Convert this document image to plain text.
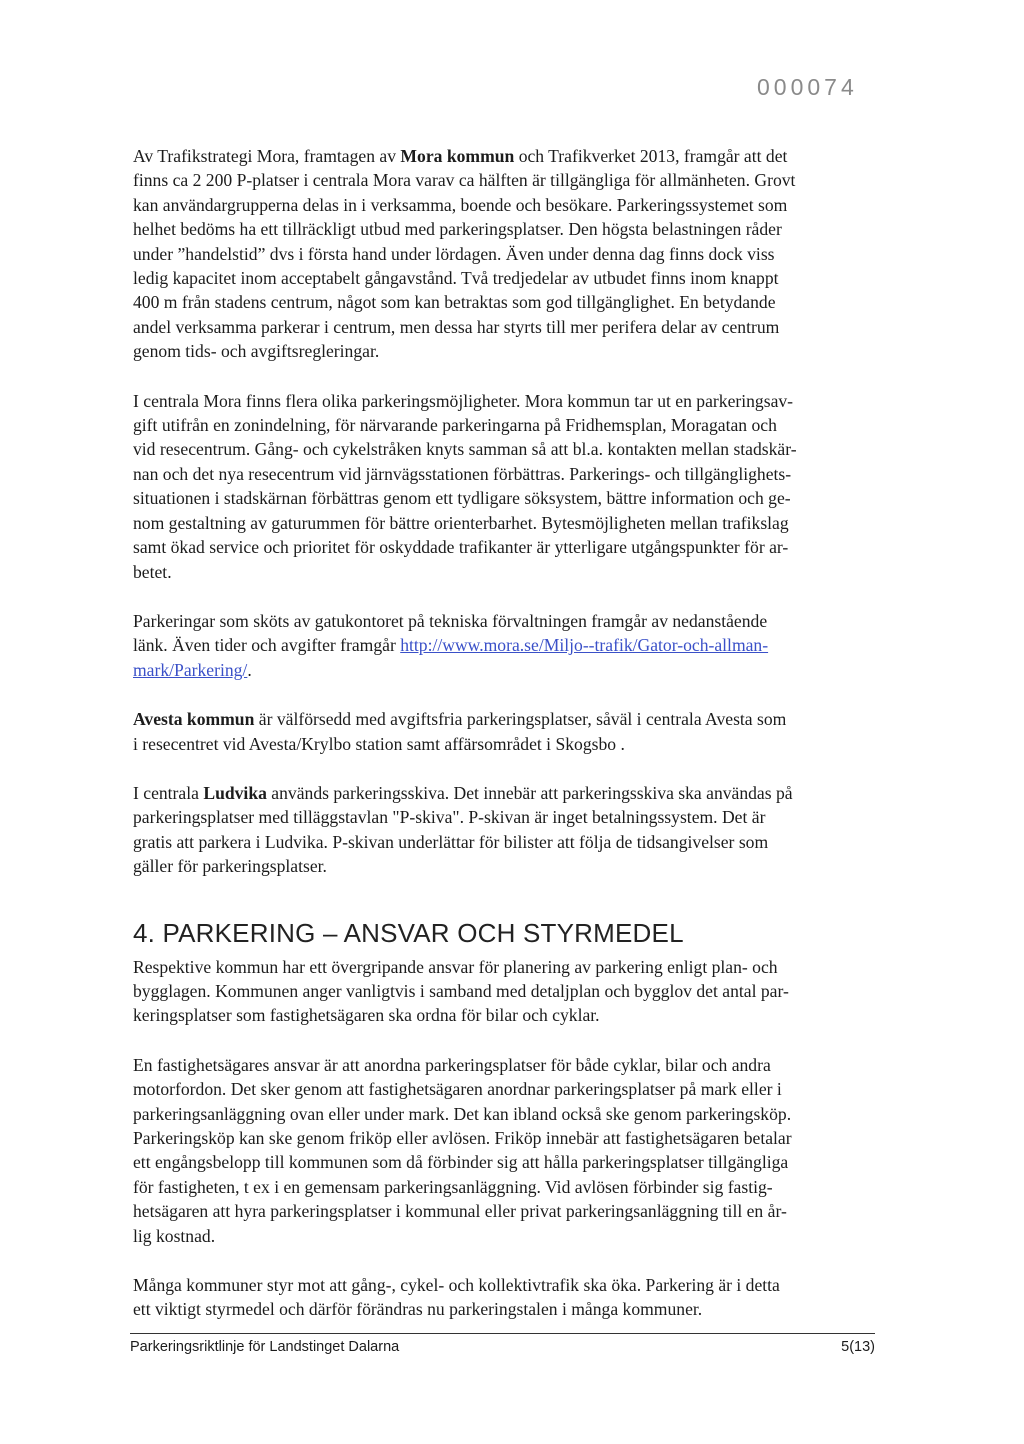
000074

Av Trafikstrategi Mora, framtagen av Mora kommun och Trafikverket 2013, framgår att det
finns ca 2 200 P-platser i centrala Mora varav ca hälften är tillgängliga för allmänheten. Grovt
kan användargrupperna delas in i verksamma, boende och besökare. Parkeringssystemet som
helhet bedöms ha ett tillräckligt utbud med parkeringsplatser. Den högsta belastningen råder
under ”handelstid” dvs i första hand under lördagen. Även under denna dag finns dock viss
ledig kapacitet inom acceptabelt gångavstånd. Två tredjedelar av utbudet finns inom knappt
400 m från stadens centrum, något som kan betraktas som god tillgänglighet. En betydande
andel verksamma parkerar i centrum, men dessa har styrts till mer perifera delar av centrum
genom tids- och avgiftsregleringar.

I centrala Mora finns flera olika parkeringsmöjligheter. Mora kommun tar ut en parkeringsav-
gift utifrån en zonindelning, för närvarande parkeringarna på Fridhemsplan, Moragatan och
vid resecentrum. Gång- och cykelstråken knyts samman så att bl.a. kontakten mellan stadskär-
nan och det nya resecentrum vid järnvägsstationen förbättras. Parkerings- och tillgänglighets-
situationen i stadskärnan förbättras genom ett tydligare söksystem, bättre information och ge-
nom gestaltning av gaturummen för bättre orienterbarhet. Bytesmöjligheten mellan trafikslag
samt ökad service och prioritet för oskyddade trafikanter är ytterligare utgångspunkter för ar-
betet.

Parkeringar som sköts av gatukontoret på tekniska förvaltningen framgår av nedanstående
länk. Även tider och avgifter framgår http://www.mora.se/Miljo--trafik/Gator-och-allman-
mark/Parkering/.

Avesta kommun är välförsedd med avgiftsfria parkeringsplatser, såväl i centrala Avesta som
i resecentret vid Avesta/Krylbo station samt affärsområdet i Skogsbo .

I centrala Ludvika används parkeringsskiva. Det innebär att parkeringsskiva ska användas på
parkeringsplatser med tilläggstavlan "P-skiva". P-skivan är inget betalningssystem. Det är
gratis att parkera i Ludvika. P-skivan underlättar för bilister att följa de tidsangivelser som
gäller för parkeringsplatser.

4. PARKERING – ANSVAR OCH STYRMEDEL

Respektive kommun har ett övergripande ansvar för planering av parkering enligt plan- och
bygglagen. Kommunen anger vanligtvis i samband med detaljplan och bygglov det antal par-
keringsplatser som fastighetsägaren ska ordna för bilar och cyklar.

En fastighetsägares ansvar är att anordna parkeringsplatser för både cyklar, bilar och andra
motorfordon. Det sker genom att fastighetsägaren anordnar parkeringsplatser på mark eller i
parkeringsanläggning ovan eller under mark. Det kan ibland också ske genom parkeringsköp.
Parkeringsköp kan ske genom friköp eller avlösen. Friköp innebär att fastighetsägaren betalar
ett engångsbelopp till kommunen som då förbinder sig att hålla parkeringsplatser tillgängliga
för fastigheten, t ex i en gemensam parkeringsanläggning. Vid avlösen förbinder sig fastig-
hetsägaren att hyra parkeringsplatser i kommunal eller privat parkeringsanläggning till en år-
lig kostnad.

Många kommuner styr mot att gång-, cykel- och kollektivtrafik ska öka. Parkering är i detta
ett viktigt styrmedel och därför förändras nu parkeringstalen i många kommuner.

Parkeringsriktlinje för Landstinget Dalarna	5(13)
